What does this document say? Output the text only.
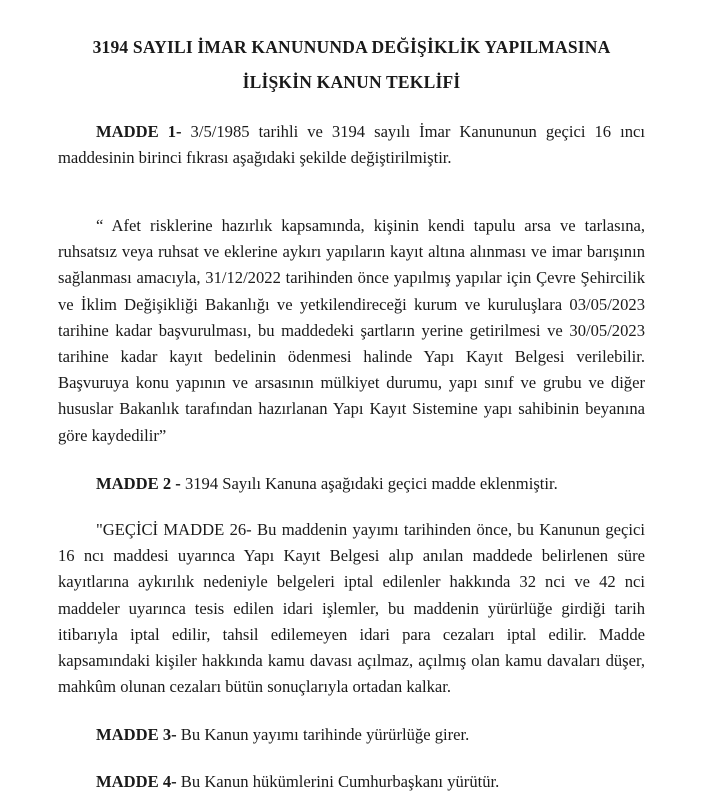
3194 SAYILI İMAR KANUNUNDA DEĞİŞİKLİK YAPILMASINA
İLİŞKİN KANUN TEKLİFİ

MADDE 1- 3/5/1985 tarihli ve 3194 sayılı İmar Kanununun geçici 16 ıncı maddesinin birinci fıkrası aşağıdaki şekilde değiştirilmiştir.

“ Afet risklerine hazırlık kapsamında, kişinin kendi tapulu arsa ve tarlasına, ruhsatsız veya ruhsat ve eklerine aykırı yapıların kayıt altına alınması ve imar barışının sağlanması amacıyla, 31/12/2022 tarihinden önce yapılmış yapılar için Çevre Şehircilik ve İklim Değişikliği Bakanlığı ve yetkilendireceği kurum ve kuruluşlara 03/05/2023 tarihine kadar başvurulması, bu maddedeki şartların yerine getirilmesi ve 30/05/2023 tarihine kadar kayıt bedelinin ödenmesi halinde Yapı Kayıt Belgesi verilebilir. Başvuruya konu yapının ve arsasının mülkiyet durumu, yapı sınıf ve grubu ve diğer hususlar Bakanlık tarafından hazırlanan Yapı Kayıt Sistemine yapı sahibinin beyanına göre kaydedilir”

MADDE 2 - 3194 Sayılı Kanuna aşağıdaki geçici madde eklenmiştir.

"GEÇİCİ MADDE 26- Bu maddenin yayımı tarihinden önce, bu Kanunun geçici 16 ncı maddesi uyarınca Yapı Kayıt Belgesi alıp anılan maddede belirlenen süre kayıtlarına aykırılık nedeniyle belgeleri iptal edilenler hakkında 32 nci ve 42 nci maddeler uyarınca tesis edilen idari işlemler, bu maddenin yürürlüğe girdiği tarih itibarıyla iptal edilir, tahsil edilemeyen idari para cezaları iptal edilir. Madde kapsamındaki kişiler hakkında kamu davası açılmaz, açılmış olan kamu davaları düşer, mahkûm olunan cezaları bütün sonuçlarıyla ortadan kalkar.

MADDE 3- Bu Kanun yayımı tarihinde yürürlüğe girer.

MADDE 4- Bu Kanun hükümlerini Cumhurbaşkanı yürütür.
